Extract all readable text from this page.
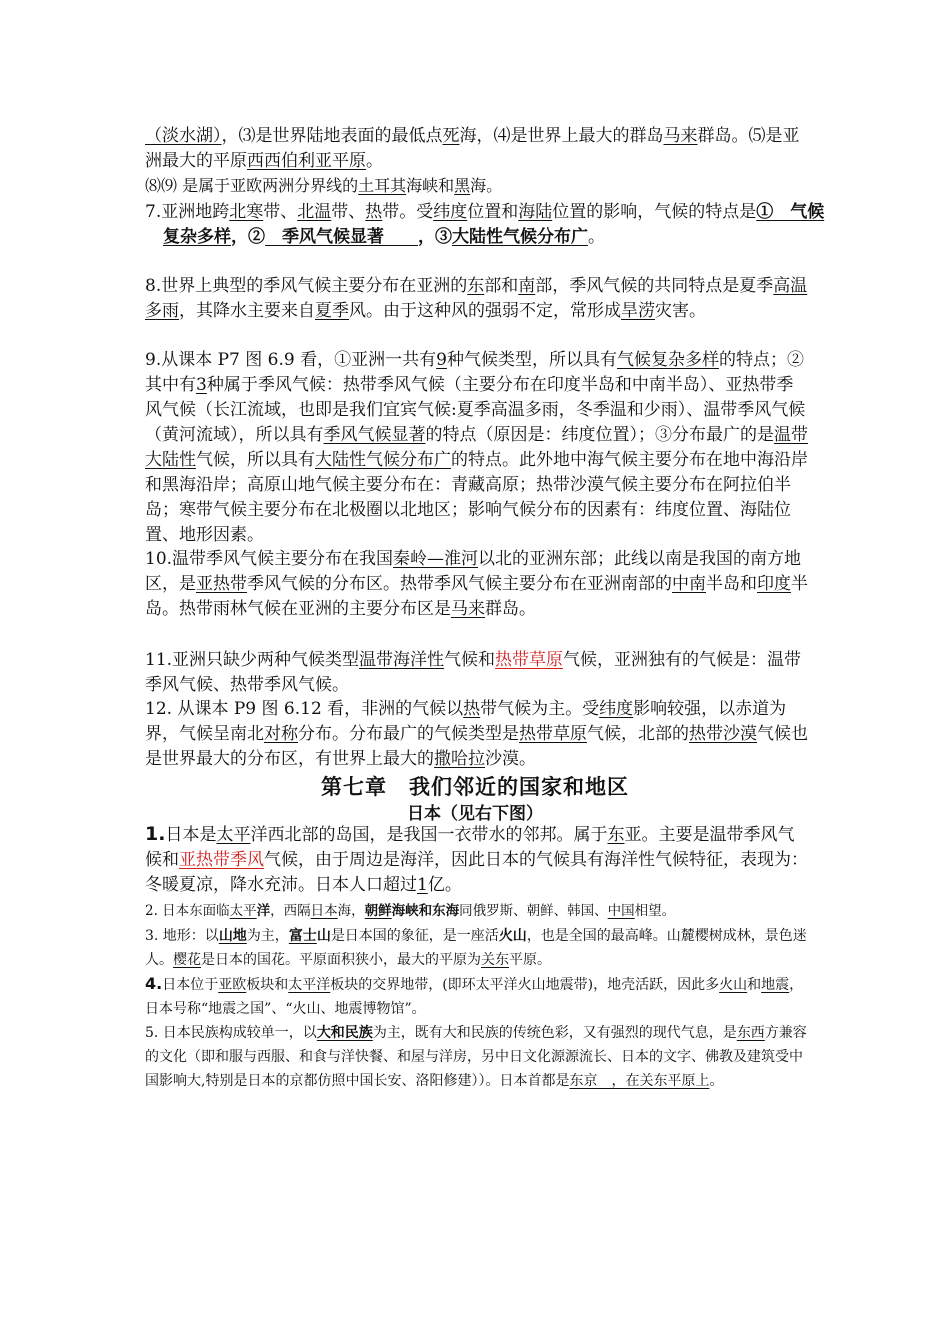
（淡水湖），⑶是世界陆地表面的最低点死海，⑷是世界上最大的群岛马来群岛。⑸是亚洲最大的平原西西伯利亚平原。

⑻⑼ 是属于亚欧两洲分界线的土耳其海峡和黑海。

7.亚洲地跨北寒带、北温带、热带。受纬度位置和海陆位置的影响，气候的特点是①　气候复杂多样，②　季风气候显著　　，③大陆性气候分布广。

8.世界上典型的季风气候主要分布在亚洲的东部和南部，季风气候的共同特点是夏季高温多雨，其降水主要来自夏季风。由于这种风的强弱不定，常形成旱涝灾害。

9.从课本 P7 图 6.9 看，①亚洲一共有9种气候类型，所以具有气候复杂多样的特点；②其中有3种属于季风气候：热带季风气候（主要分布在印度半岛和中南半岛）、亚热带季风气候（长江流域，也即是我们宜宾气候:夏季高温多雨，冬季温和少雨）、温带季风气候（黄河流域），所以具有季风气候显著的特点（原因是：纬度位置）；③分布最广的是温带大陆性气候，所以具有大陆性气候分布广的特点。此外地中海气候主要分布在地中海沿岸和黑海沿岸；高原山地气候主要分布在：青藏高原；热带沙漠气候主要分布在阿拉伯半岛；寒带气候主要分布在北极圈以北地区；影响气候分布的因素有：纬度位置、海陆位置、地形因素。

10.温带季风气候主要分布在我国秦岭—淮河以北的亚洲东部；此线以南是我国的南方地区，是亚热带季风气候的分布区。热带季风气候主要分布在亚洲南部的中南半岛和印度半岛。热带雨林气候在亚洲的主要分布区是马来群岛。

11.亚洲只缺少两种气候类型温带海洋性气候和热带草原气候，亚洲独有的气候是：温带季风气候、热带季风气候。

12. 从课本 P9 图 6.12 看，非洲的气候以热带气候为主。受纬度影响较强，以赤道为界，气候呈南北对称分布。分布最广的气候类型是热带草原气候，北部的热带沙漠气候也是世界最大的分布区，有世界上最大的撒哈拉沙漠。

第七章　我们邻近的国家和地区
日本（见右下图）

1.日本是太平洋西北部的岛国，是我国一衣带水的邻邦。属于东亚。主要是温带季风气候和亚热带季风气候，由于周边是海洋，因此日本的气候具有海洋性气候特征，表现为：冬暖夏凉，降水充沛。日本人口超过1亿。

2. 日本东面临太平洋，西隔日本海，朝鲜海峡和东海同俄罗斯、朝鲜、韩国、中国相望。

3. 地形：以山地为主，富士山是日本国的象征，是一座活火山，也是全国的最高峰。山麓樱树成林，景色迷人。樱花是日本的国花。平原面积狭小，最大的平原为关东平原。

4.日本位于亚欧板块和太平洋板块的交界地带，(即环太平洋火山地震带)，地壳活跃，因此多火山和地震，日本号称“地震之国”、“火山、地震博物馆”。

5. 日本民族构成较单一，以大和民族为主，既有大和民族的传统色彩，又有强烈的现代气息，是东西方兼容的文化（即和服与西服、和食与洋快餐、和屋与洋房，另中日文化源源流长、日本的文字、佛教及建筑受中国影响大,特别是日本的京都仿照中国长安、洛阳修建））。日本首都是东京　，在关东平原上。
